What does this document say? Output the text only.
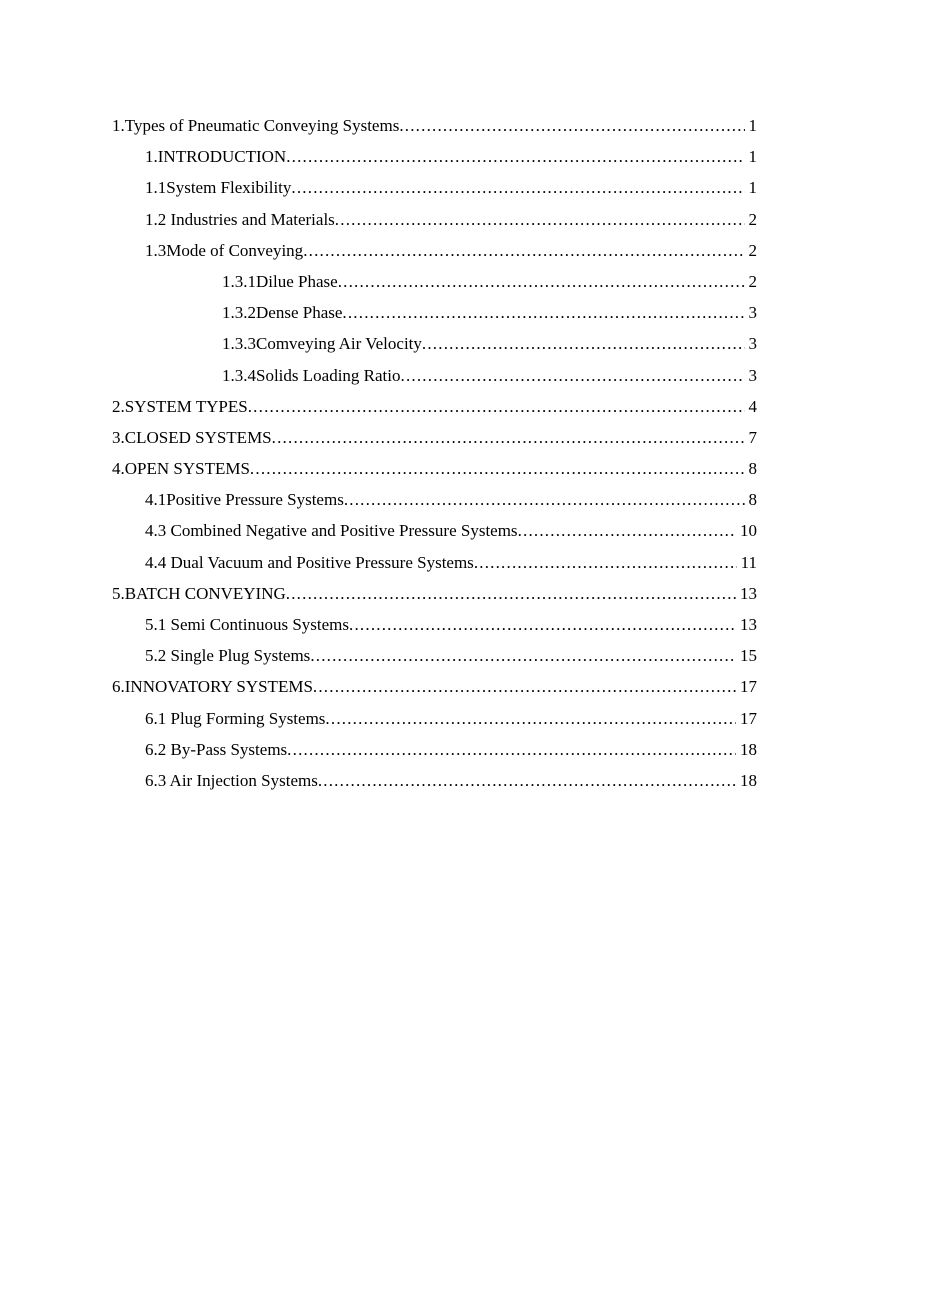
1.Types of Pneumatic Conveying Systems .....	1
1.INTRODUCTION .....	1
1.1System Flexibility .....	1
1.2 Industries and Materials .....	2
1.3Mode of Conveying .....	2
1.3.1Dilue Phase .....	2
1.3.2Dense Phase .....	3
1.3.3Comveying Air Velocity .....	3
1.3.4Solids Loading Ratio .....	3
2.SYSTEM TYPES .....	4
3.CLOSED SYSTEMS .....	7
4.OPEN SYSTEMS .....	8
4.1Positive Pressure Systems .....	8
4.3 Combined Negative and Positive Pressure Systems .....	10
4.4 Dual Vacuum and Positive Pressure Systems .....	11
5.BATCH CONVEYING .....	13
5.1 Semi Continuous Systems .....	13
5.2 Single Plug Systems .....	15
6.INNOVATORY SYSTEMS .....	17
6.1 Plug Forming Systems .....	17
6.2 By-Pass Systems .....	18
6.3 Air Injection Systems .....	18
